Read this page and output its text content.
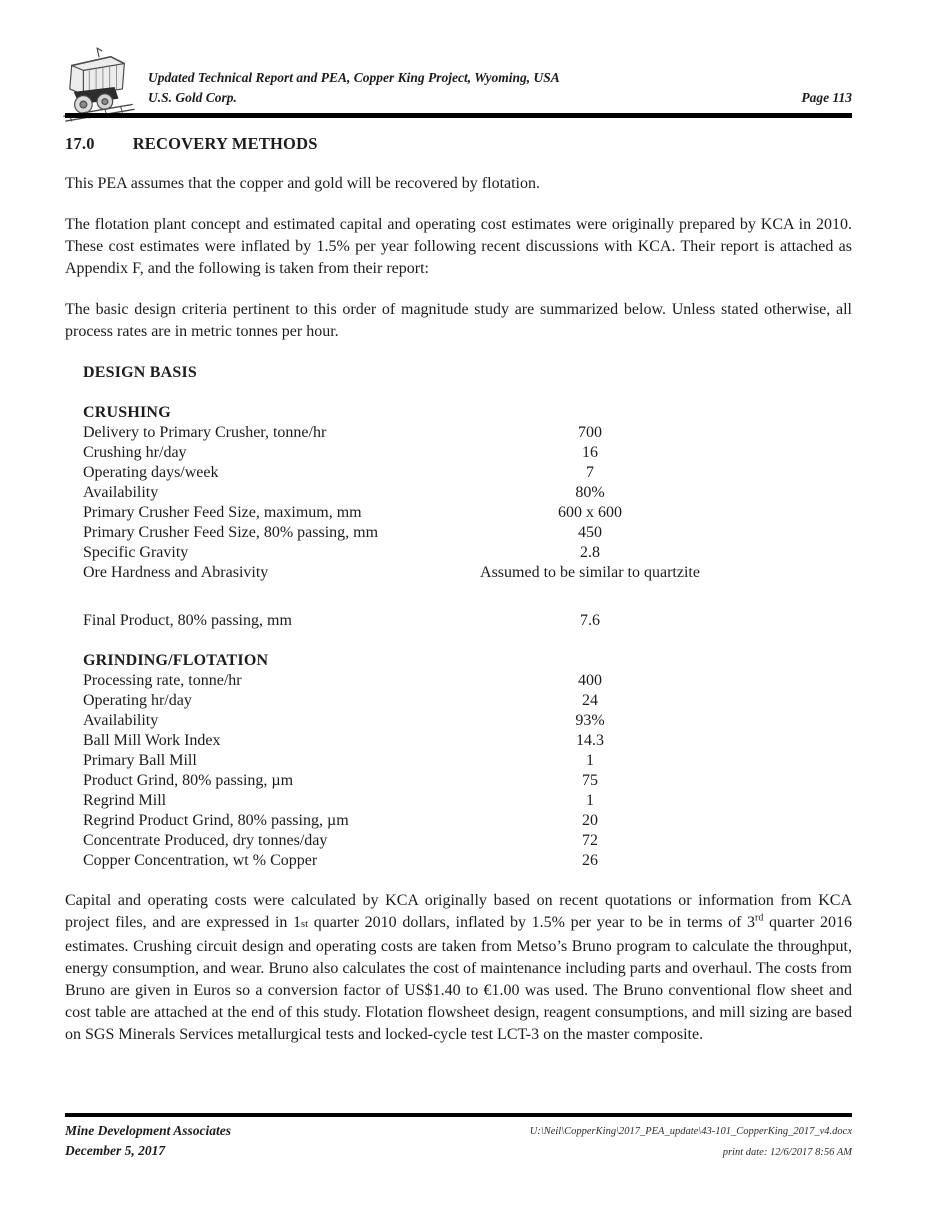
Updated Technical Report and PEA, Copper King Project, Wyoming, USA
U.S. Gold Corp.	Page 113
17.0 RECOVERY METHODS

This PEA assumes that the copper and gold will be recovered by flotation.

The flotation plant concept and estimated capital and operating cost estimates were originally prepared by KCA in 2010. These cost estimates were inflated by 1.5% per year following recent discussions with KCA. Their report is attached as Appendix F, and the following is taken from their report:

The basic design criteria pertinent to this order of magnitude study are summarized below. Unless stated otherwise, all process rates are in metric tonnes per hour.

DESIGN BASIS
CRUSHING
Delivery to Primary Crusher, tonne/hr	700
Crushing hr/day	16
Operating days/week	7
Availability	80%
Primary Crusher Feed Size, maximum, mm	600 x 600
Primary Crusher Feed Size, 80% passing, mm	450
Specific Gravity	2.8
Ore Hardness and Abrasivity	Assumed to be similar to quartzite
Final Product, 80% passing, mm	7.6
GRINDING/FLOTATION
Processing rate, tonne/hr	400
Operating hr/day	24
Availability	93%
Ball Mill Work Index	14.3
Primary Ball Mill	1
Product Grind, 80% passing, µm	75
Regrind Mill	1
Regrind Product Grind, 80% passing, µm	20
Concentrate Produced, dry tonnes/day	72
Copper Concentration, wt % Copper	26

Capital and operating costs were calculated by KCA originally based on recent quotations or information from KCA project files, and are expressed in 1st quarter 2010 dollars, inflated by 1.5% per year to be in terms of 3rd quarter 2016 estimates. Crushing circuit design and operating costs are taken from Metso’s Bruno program to calculate the throughput, energy consumption, and wear. Bruno also calculates the cost of maintenance including parts and overhaul. The costs from Bruno are given in Euros so a conversion factor of US$1.40 to €1.00 was used. The Bruno conventional flow sheet and cost table are attached at the end of this study. Flotation flowsheet design, reagent consumptions, and mill sizing are based on SGS Minerals Services metallurgical tests and locked-cycle test LCT-3 on the master composite.

Mine Development Associates
December 5, 2017
U:\Neil\CopperKing\2017_PEA_update\43-101_CopperKing_2017_v4.docx
print date: 12/6/2017 8:56 AM
